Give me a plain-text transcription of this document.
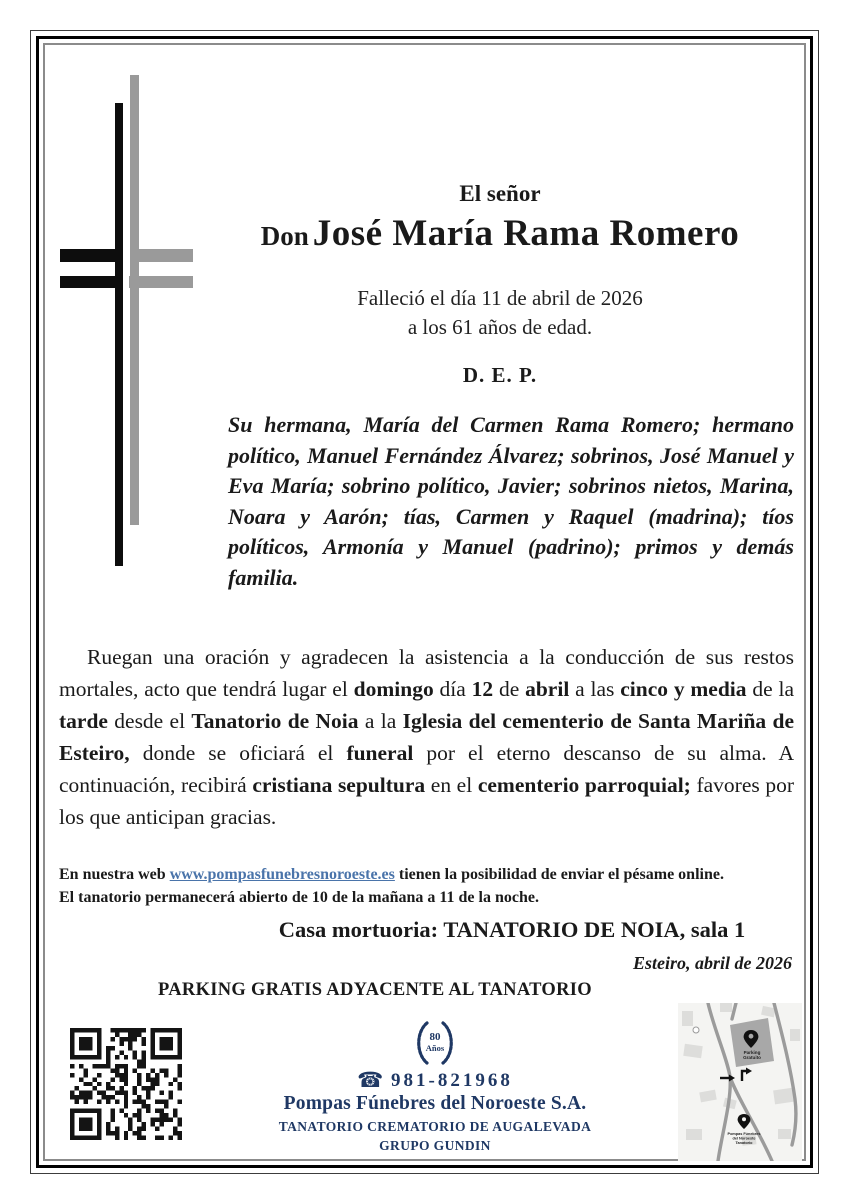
El señor
Don José María Rama Romero
Falleció el día 11 de abril de 2026
a los 61 años de edad.
D. E. P.
Su hermana, María del Carmen Rama Romero; hermano político, Manuel Fernández Álvarez; sobrinos, José Manuel y Eva María; sobrino político, Javier; sobrinos nietos, Marina, Noara y Aarón; tías, Carmen y Raquel (madrina); tíos políticos, Armonía y Manuel (padrino); primos y demás familia.

Ruegan una oración y agradecen la asistencia a la conducción de sus restos mortales, acto que tendrá lugar el domingo día 12 de abril a las cinco y media de la tarde desde el Tanatorio de Noia a la Iglesia del cementerio de Santa Mariña de Esteiro, donde se oficiará el funeral por el eterno descanso de su alma. A continuación, recibirá cristiana sepultura en el cementerio parroquial; favores por los que anticipan gracias.

En nuestra web www.pompasfunebresnoroeste.es tienen la posibilidad de enviar el pésame online.

El tanatorio permanecerá abierto de 10 de la mañana a 11 de la noche.

Casa mortuoria: TANATORIO DE NOIA, sala 1

Esteiro, abril de 2026

PARKING GRATIS ADYACENTE AL TANATORIO

80
Años
☎ 981-821968
Pompas Fúnebres del Noroeste S.A.
TANATORIO CREMATORIO DE AUGALEVADA
GRUPO GUNDIN
Parking
Gratuito
Pompas Fúnebres
del Noroeste
Tanatorio
